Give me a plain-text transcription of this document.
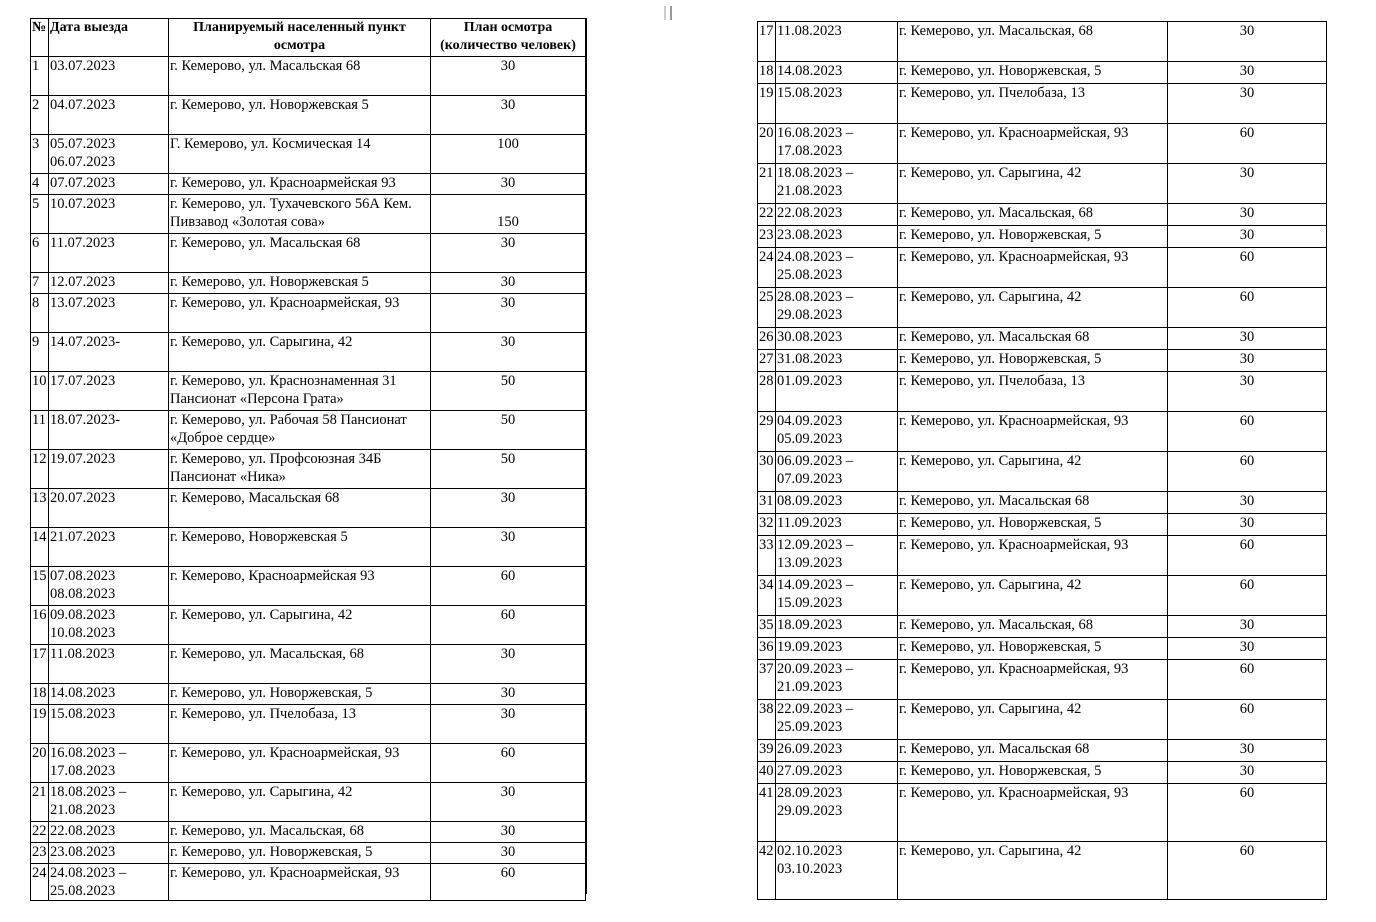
№	Дата выезда	Планируемый населенный пункт осмотра	План осмотра (количество человек)
1	03.07.2023	г. Кемерово, ул. Масальская 68	30
2	04.07.2023	г. Кемерово, ул. Новоржевская 5	30
3	05.07.2023 06.07.2023	Г. Кемерово, ул. Космическая 14	100
4	07.07.2023	г. Кемерово, ул. Красноармейская 93	30
5	10.07.2023	г. Кемерово, ул. Тухачевского 56А Кем. Пивзавод «Золотая сова»	150
6	11.07.2023	г. Кемерово, ул. Масальская 68	30
7	12.07.2023	г. Кемерово, ул. Новоржевская 5	30
8	13.07.2023	г. Кемерово, ул. Красноармейская, 93	30
9	14.07.2023-	г. Кемерово, ул. Сарыгина, 42	30
10	17.07.2023	г. Кемерово, ул. Краснознаменная 31 Пансионат «Персона Грата»	50
11	18.07.2023-	г. Кемерово, ул. Рабочая 58 Пансионат «Доброе сердце»	50
12	19.07.2023	г. Кемерово, ул. Профсоюзная 34Б Пансионат «Ника»	50
13	20.07.2023	г. Кемерово, Масальская 68	30
14	21.07.2023	г. Кемерово, Новоржевская 5	30
15	07.08.2023 08.08.2023	г. Кемерово, Красноармейская 93	60
16	09.08.2023 10.08.2023	г. Кемерово, ул. Сарыгина, 42	60
17	11.08.2023	г. Кемерово, ул. Масальская, 68	30
18	14.08.2023	г. Кемерово, ул. Новоржевская, 5	30
19	15.08.2023	г. Кемерово, ул. Пчелобаза, 13	30
20	16.08.2023 – 17.08.2023	г. Кемерово, ул. Красноармейская, 93	60
21	18.08.2023 – 21.08.2023	г. Кемерово, ул. Сарыгина, 42	30
22	22.08.2023	г. Кемерово, ул. Масальская, 68	30
23	23.08.2023	г. Кемерово, ул. Новоржевская, 5	30
24	24.08.2023 – 25.08.2023	г. Кемерово, ул. Красноармейская, 93	60
17	11.08.2023	г. Кемерово, ул. Масальская, 68	30
18	14.08.2023	г. Кемерово, ул. Новоржевская, 5	30
19	15.08.2023	г. Кемерово, ул. Пчелобаза, 13	30
20	16.08.2023 – 17.08.2023	г. Кемерово, ул. Красноармейская, 93	60
21	18.08.2023 – 21.08.2023	г. Кемерово, ул. Сарыгина, 42	30
22	22.08.2023	г. Кемерово, ул. Масальская, 68	30
23	23.08.2023	г. Кемерово, ул. Новоржевская, 5	30
24	24.08.2023 – 25.08.2023	г. Кемерово, ул. Красноармейская, 93	60
25	28.08.2023 – 29.08.2023	г. Кемерово, ул. Сарыгина, 42	60
26	30.08.2023	г. Кемерово, ул. Масальская 68	30
27	31.08.2023	г. Кемерово, ул. Новоржевская, 5	30
28	01.09.2023	г. Кемерово, ул. Пчелобаза, 13	30
29	04.09.2023 05.09.2023	г. Кемерово, ул. Красноармейская, 93	60
30	06.09.2023 – 07.09.2023	г. Кемерово, ул. Сарыгина, 42	60
31	08.09.2023	г. Кемерово, ул. Масальская 68	30
32	11.09.2023	г. Кемерово, ул. Новоржевская, 5	30
33	12.09.2023 – 13.09.2023	г. Кемерово, ул. Красноармейская, 93	60
34	14.09.2023 – 15.09.2023	г. Кемерово, ул. Сарыгина, 42	60
35	18.09.2023	г. Кемерово, ул. Масальская, 68	30
36	19.09.2023	г. Кемерово, ул. Новоржевская, 5	30
37	20.09.2023 – 21.09.2023	г. Кемерово, ул. Красноармейская, 93	60
38	22.09.2023 – 25.09.2023	г. Кемерово, ул. Сарыгина, 42	60
39	26.09.2023	г. Кемерово, ул. Масальская 68	30
40	27.09.2023	г. Кемерово, ул. Новоржевская, 5	30
41	28.09.2023 29.09.2023	г. Кемерово, ул. Красноармейская, 93	60
42	02.10.2023 03.10.2023	г. Кемерово, ул. Сарыгина, 42	60
